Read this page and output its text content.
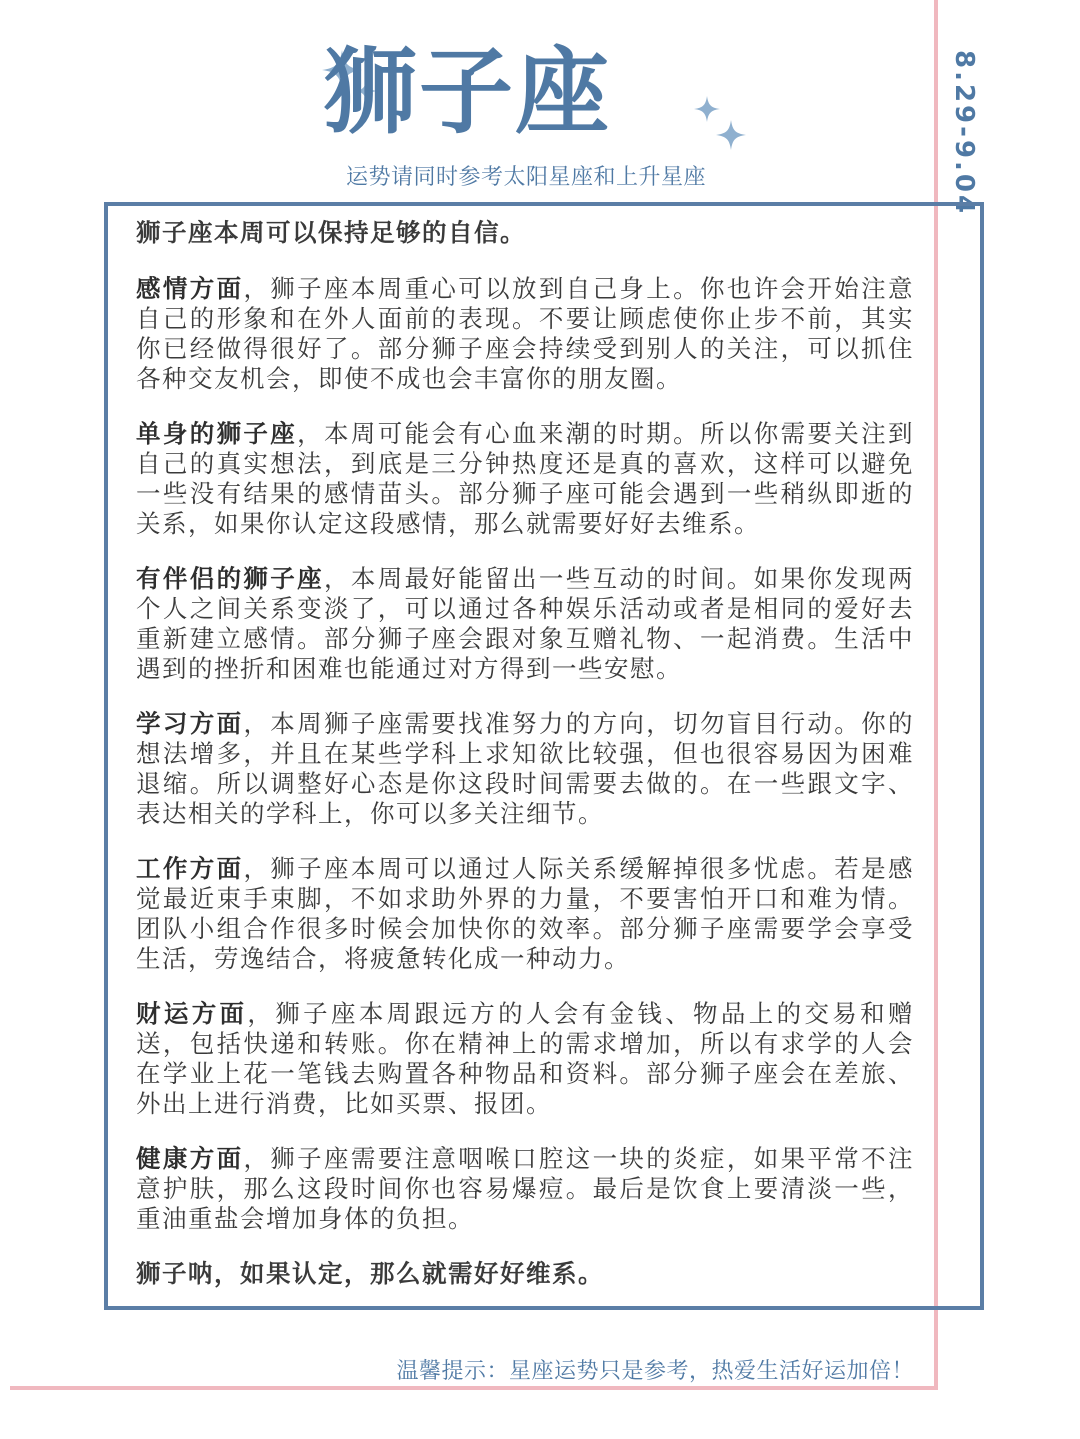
狮子座
运势请同时参考太阳星座和上升星座	8.29-9.04

狮子座本周可以保持足够的自信。

感情方面，狮子座本周重心可以放到自己身上。你也许会开始注意自己的形象和在外人面前的表现。不要让顾虑使你止步不前，其实你已经做得很好了。部分狮子座会持续受到别人的关注，可以抓住各种交友机会，即使不成也会丰富你的朋友圈。

单身的狮子座，本周可能会有心血来潮的时期。所以你需要关注到自己的真实想法，到底是三分钟热度还是真的喜欢，这样可以避免一些没有结果的感情苗头。部分狮子座可能会遇到一些稍纵即逝的关系，如果你认定这段感情，那么就需要好好去维系。

有伴侣的狮子座，本周最好能留出一些互动的时间。如果你发现两个人之间关系变淡了，可以通过各种娱乐活动或者是相同的爱好去重新建立感情。部分狮子座会跟对象互赠礼物、一起消费。生活中遇到的挫折和困难也能通过对方得到一些安慰。

学习方面，本周狮子座需要找准努力的方向，切勿盲目行动。你的想法增多，并且在某些学科上求知欲比较强，但也很容易因为困难退缩。所以调整好心态是你这段时间需要去做的。在一些跟文字、表达相关的学科上，你可以多关注细节。

工作方面，狮子座本周可以通过人际关系缓解掉很多忧虑。若是感觉最近束手束脚，不如求助外界的力量，不要害怕开口和难为情。团队小组合作很多时候会加快你的效率。部分狮子座需要学会享受生活，劳逸结合，将疲惫转化成一种动力。

财运方面，狮子座本周跟远方的人会有金钱、物品上的交易和赠送，包括快递和转账。你在精神上的需求增加，所以有求学的人会在学业上花一笔钱去购置各种物品和资料。部分狮子座会在差旅、外出上进行消费，比如买票、报团。

健康方面，狮子座需要注意咽喉口腔这一块的炎症，如果平常不注意护肤，那么这段时间你也容易爆痘。最后是饮食上要清淡一些，重油重盐会增加身体的负担。

狮子呐，如果认定，那么就需好好维系。

温馨提示：星座运势只是参考，热爱生活好运加倍！
